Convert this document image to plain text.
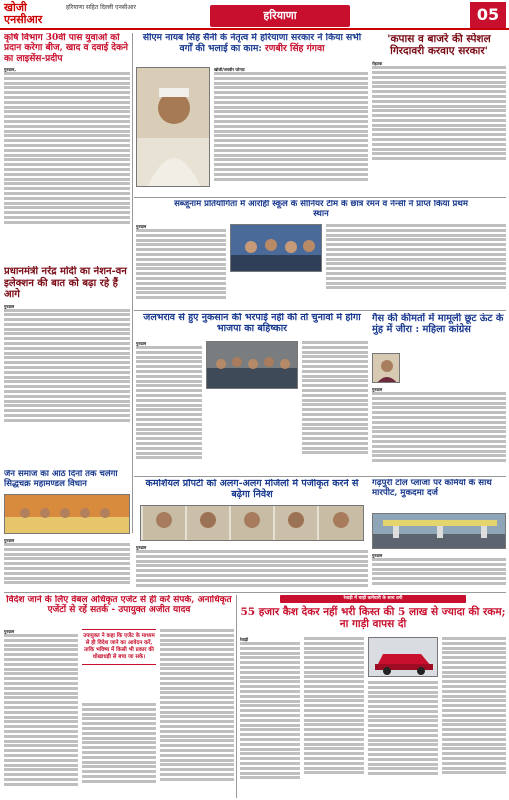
खोजी एनसीआर
हरियाणा सहित दिल्ली एनसीआर
हरियाणा	05
कृषि विभाग 30वीं पास युवाओं को प्रदान करेगा बीज, खाद व दवाई देकने का लाइसेंस-प्रदीप
गुरुग्राम,
सीएम नायब सिंह सैनी के नेतृत्व में हरियाणा सरकार ने किया सभी वर्गों की भलाई का काम: रणबीर सिंह गंगवा
खोजी/जयवीर फोगाट
'कपास व बाजरे की स्पेशल गिरदावरी करवाए सरकार'
रोहतक
सब्जूनाम प्रतियोगिता में आरोही स्कूल के सीनियर टीम के छात्र रमन व नेन्सी ने प्राप्त किया प्रथम स्थान
गुरुग्राम
प्रधानमंत्री नरेंद्र मोदी का नेशन-वन इलेक्शन की बात को बढ़ा रहे हैं आगे
गुरुग्राम
जलभराव से हुए नुकसान की भरपाई नहीं की तो चुनावों में होगा भाजपा का बहिष्कार
गुरुग्राम
गैस की कीमतों में मामूली छूट ऊंट के मुंह में जीरा : महिला कांग्रेस
गुरुग्राम
जैन समाज का आठ दिनों तक चलेगा सिद्धचक्र महामण्डल विधान
गुरुग्राम
कमर्शियल प्रॉपर्टी को अलग-अलग मंजिलों में पंजीकृत करने से बढ़ेगा निवेश
गुरुग्राम
गढ़पुरी टोल प्लाजा पर कर्मियों के साथ मारपीट, मुकदमा दर्ज
गुरुग्राम
विदेश जाने के लिए वेबल अधिकृत एजेंट से ही करें संपर्क, अनाधिकृत एजेंटों से रहें सतर्क - उपायुक्त अजीत यादव
गुरुग्राम
उपायुक्त ने कहा कि एजेंट के माध्यम से ही विदेश जाने का आवेदन करें, ताकि भविष्य में किसी भी प्रकार की धोखाधड़ी से बचा जा सके।
रेवाड़ी में चाही कर्मचारी के साथ ठगी
55 हजार कैश देकर नहीं भरी किस्त की 5 लाख से ज्यादा की रकम; ना गाड़ी वापस दी
रेवाड़ी
